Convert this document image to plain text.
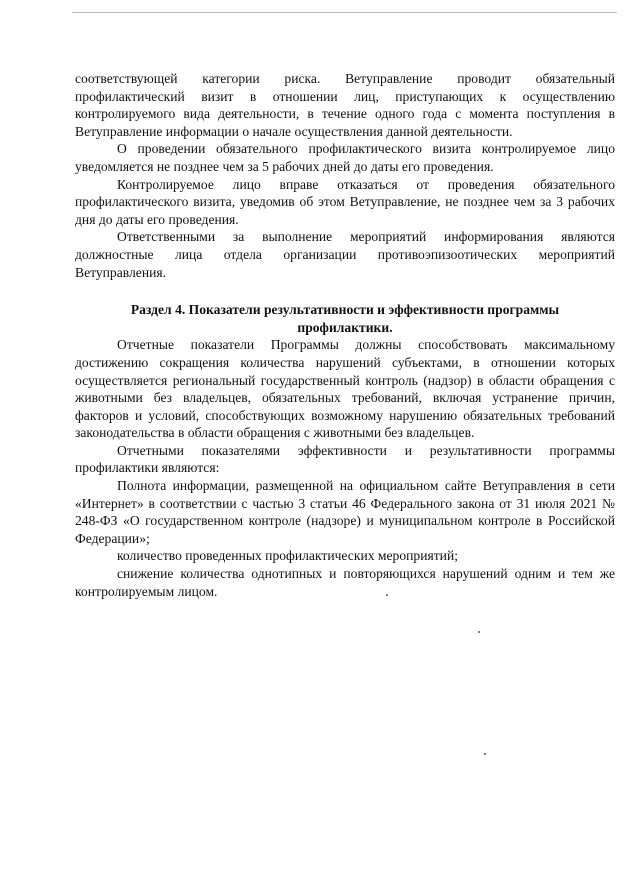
соответствующей категории риска. Ветуправление проводит обязательный профилактический визит в отношении лиц, приступающих к осуществлению контролируемого вида деятельности, в течение одного года с момента поступления в Ветуправление информации о начале осуществления данной деятельности.

О проведении обязательного профилактического визита контролируемое лицо уведомляется не позднее чем за 5 рабочих дней до даты его проведения.

Контролируемое лицо вправе отказаться от проведения обязательного профилактического визита, уведомив об этом Ветуправление, не позднее чем за 3 рабочих дня до даты его проведения.

Ответственными за выполнение мероприятий информирования являются должностные лица отдела организации противоэпизоотических мероприятий Ветуправления.

Раздел 4. Показатели результативности и эффективности программы профилактики.

Отчетные показатели Программы должны способствовать максимальному достижению сокращения количества нарушений субъектами, в отношении которых осуществляется региональный государственный контроль (надзор) в области обращения с животными без владельцев, обязательных требований, включая устранение причин, факторов и условий, способствующих возможному нарушению обязательных требований законодательства в области обращения с животными без владельцев.

Отчетными показателями эффективности и результативности программы профилактики являются:

Полнота информации, размещенной на официальном сайте Ветуправления в сети «Интернет» в соответствии с частью 3 статьи 46 Федерального закона от 31 июля 2021 № 248-ФЗ «О государственном контроле (надзоре) и муниципальном контроле в Российской Федерации»;

количество проведенных профилактических мероприятий;

снижение количества однотипных и повторяющихся нарушений одним и тем же контролируемым лицом.
